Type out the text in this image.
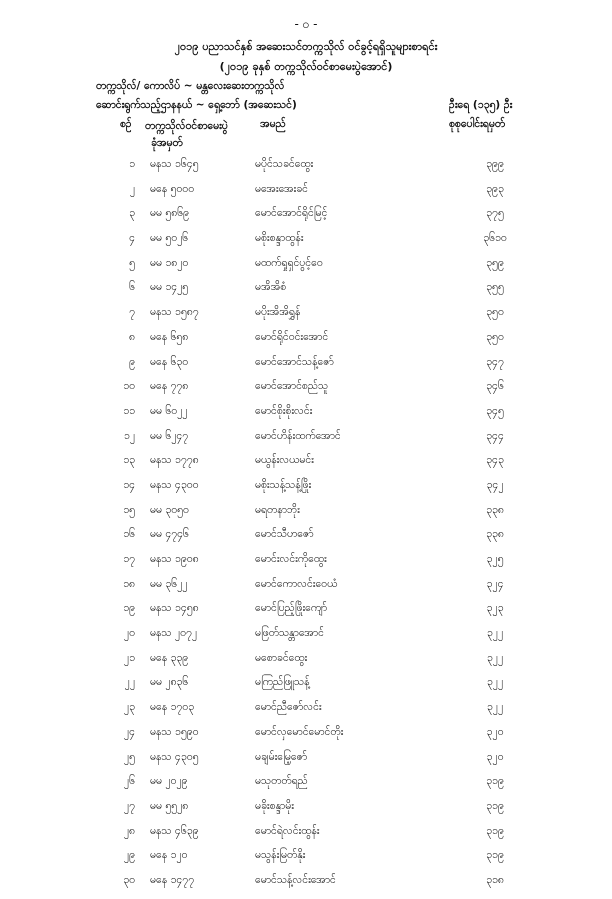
- ၀ -
၂၀၁၉ ပညာသင်နှစ် အဆေးသင်တက္ကသိုလ် ဝင်ခွင့်ရရှိသူများစာရင်း
(၂၀၁၉ ခုနှစ် တက္ကသိုလ်ဝင်စာမေးပွဲအောင်)
တက္ကသိုလ်/ ကောလိပ် ~ မန္တလေးဆေးတက္ကသိုလ်
ဆောင်းရွက်သည့်ဌာနနယ် ~ ရှေ့ဘော် (အဆေးသင်)	ဦးရေ (၁၃၅) ဦး
စဉ် တက္ကသိုလ်ဝင်စာမေးပွဲ
ခုံအမှတ်
အမည်	စုစုပေါင်းရမှတ်
၁ မနသ ၁၆၄၅	မပိုင်သခင်ထွေး	၃၉၉
၂ မနေ ၅၀၀၀	မအေးအေးခင်	၃၉၃
၃ မမ ၅၈၆၉	မောင်အောင်ရိုင်မြင့်	၃၇၅
၄ မမ ၅၀၂၆	မစိုးစန္ဒာထွန်း	၃၆၁၀
၅ မမ ၁၈၂၀	မထက်ရှုရှင်ပွင့်ဝေ	၃၅၉
၆ မမ ၁၄၂၅	မအိအိစံ	၃၅၅
၇ မနသ ၁၅၈၇	မပိုးအိအိရွှန်	၃၅၀
၈ မနေ ၆၅၈	မောင်ရိုင်ဝင်းအောင်	၃၅၀
၉ မနေ ၆၃၀	မောင်အောင်သန့်ဇော်	၃၄၇
၁၀ မနေ ၇၇၈	မောင်အောင်စည်သူ	၃၄၆
၁၁ မမ ၆၀၂၂	မောင်စိုးစိုးလင်း	၃၄၅
၁၂ မမ ၆၂၄၇	မောင်ဟိန်းထက်အောင်	၃၄၄
၁၃ မနသ ၁၇၇၈	မယွန်းလယမင်း	၃၄၃
၁၄ မနသ ၄၃၀၀	မစိုးသန့်သန့်ဖြိုး	၃၄၂
၁၅ မမ ၃၀၅၀	မရတနာဘိုး	၃၃၈
၁၆ မမ ၄၇၄၆	မောင်သီဟဇော်	၃၃၈
၁၇ မနသ ၁၉၀၈	မောင်းလင်းကိုထွေး	၃၂၅
၁၈ မမ ၃၆၂၂	မောင်ကောလင်းဝေယံ	၃၂၄
၁၉ မနသ ၁၄၅၈	မောင်ပြည့်ဖြိုးကျော်	၃၂၃
၂၀ မနသ ၂၀၇၂	မဖြတ်သန္တာအောင်	၃၂၂
၂၁ မနေ ၃၃၉	မစောခင်ထွေး	၃၂၂
၂၂ မမ ၂၈၃၆	မကြည်ဖြူသန့်	၃၂၂
၂၃ မနေ ၁၇၀၃	မောင်ညီဇော်လင်း	၃၂၂
၂၄ မနသ ၁၅၉၀	မောင်လှမောင်မောင်တိုး	၃၂၀
၂၅ မနသ ၄၃၀၅	မချမ်းမြေ့ဇော်	၃၂၀
၂၆ မမ ၂၀၂၉	မသုတတ်ရည်	၃၁၉
၂၇ မမ ၅၅၂၈	မခိုးစန္ဒာမိုး	၃၁၉
၂၈ မနသ ၄၆၃၉	မောင်ရဲလင်းထွန်း	၃၁၉
၂၉ မနေ ၁၂၀	မသွန်းမြတ်နိုး	၃၁၉
၃၀ မနေ ၁၄၇၇	မောင်သန့်လင်းအောင်	၃၁၈
